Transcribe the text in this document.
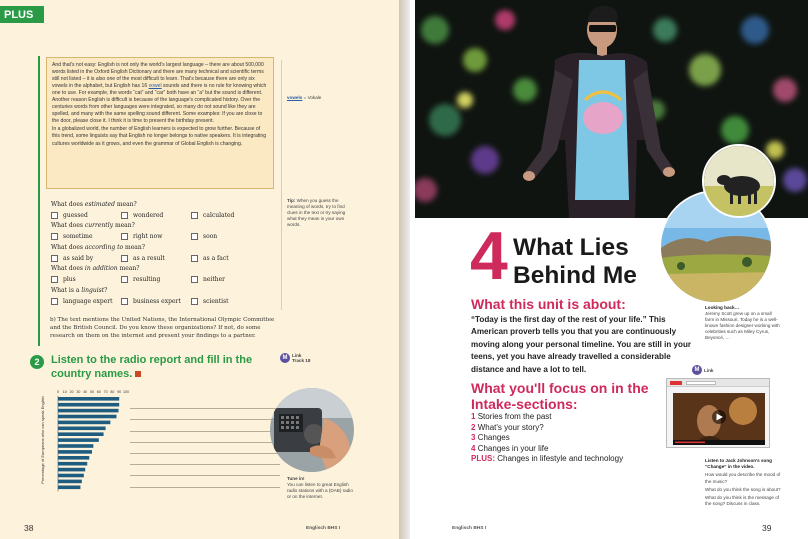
PLUS

And that's not easy: English is not only the world's largest language – there are about 500,000 words listed in the Oxford English Dictionary and there are many technical and scientific terms still not listed – it is also one of the most difficult to learn. That's because there are only six vowels in the alphabet, but English has 16 vowel sounds and there is no rule for knowing which one to use. For example, the words “cat” and “car” both have an “a” but the sound is different. Another reason English is difficult is because of the language's complicated history. Over the centuries words from other languages were integrated, so many do not sound like they are spelled, and many with the same spelling sound different. Some examples: If you are close to the door, please close it. I think it is time to present the birthday present.

In a globalized world, the number of English learners is expected to grow further. Because of this trend, some linguists say that English no longer belongs to native speakers. It is integrating cultures worldwide as it grows, and even the grammar of Global English is changing.

vowels = Vokale
Tip: When you guess the meaning of words, try to find clues in the text or try saying what they mean in your own words.
What does estimated mean?
guessed	wondered	calculated
What does currently mean?
sometime	right now	soon
What does according to mean?
as said by	as a result	as a fact
What does in addition mean?
plus	resulting	neither
What is a linguist?
language expert	business expert	scientist
b) The text mentions the United Nations, the International Olympic Committee and the British Council. Do you know these organizations? If not, do some research on them on the internet and present your findings to a partner.
2	Listen to the radio report and fill in the country names.
M Link
Track 18
Percentage of Europeans who can speak English
0 10 20 30 40 50 60 70 80 90 100
Tune in!
You can listen to great English radio stations with a (DAB) radio or on the internet.
38	Englisch BHS I
4 What Lies
Behind Me
What this unit is about:
“Today is the first day of the rest of your life.” This American proverb tells you that you are continuously moving along your personal timeline. You are still in your teens, yet you have already travelled a considerable distance and have a lot to tell.
What you'll focus on in the Intake-sections:
1 Stories from the past
2 What's your story?
3 Changes
4 Changes in your life
PLUS: Changes in lifestyle and technology
Looking back…
Jeremy Scott grew up on a small farm in Missouri. Today he is a well-known fashion designer working with celebrities such as Miley Cyrus, Beyoncé, …
M Link
Listen to Jack Johnson's song “Change” in the video.
How would you describe the mood of the music?
What do you think the song is about?
What do you think is the message of the song? Discuss in class.
Englisch BHS I	39
